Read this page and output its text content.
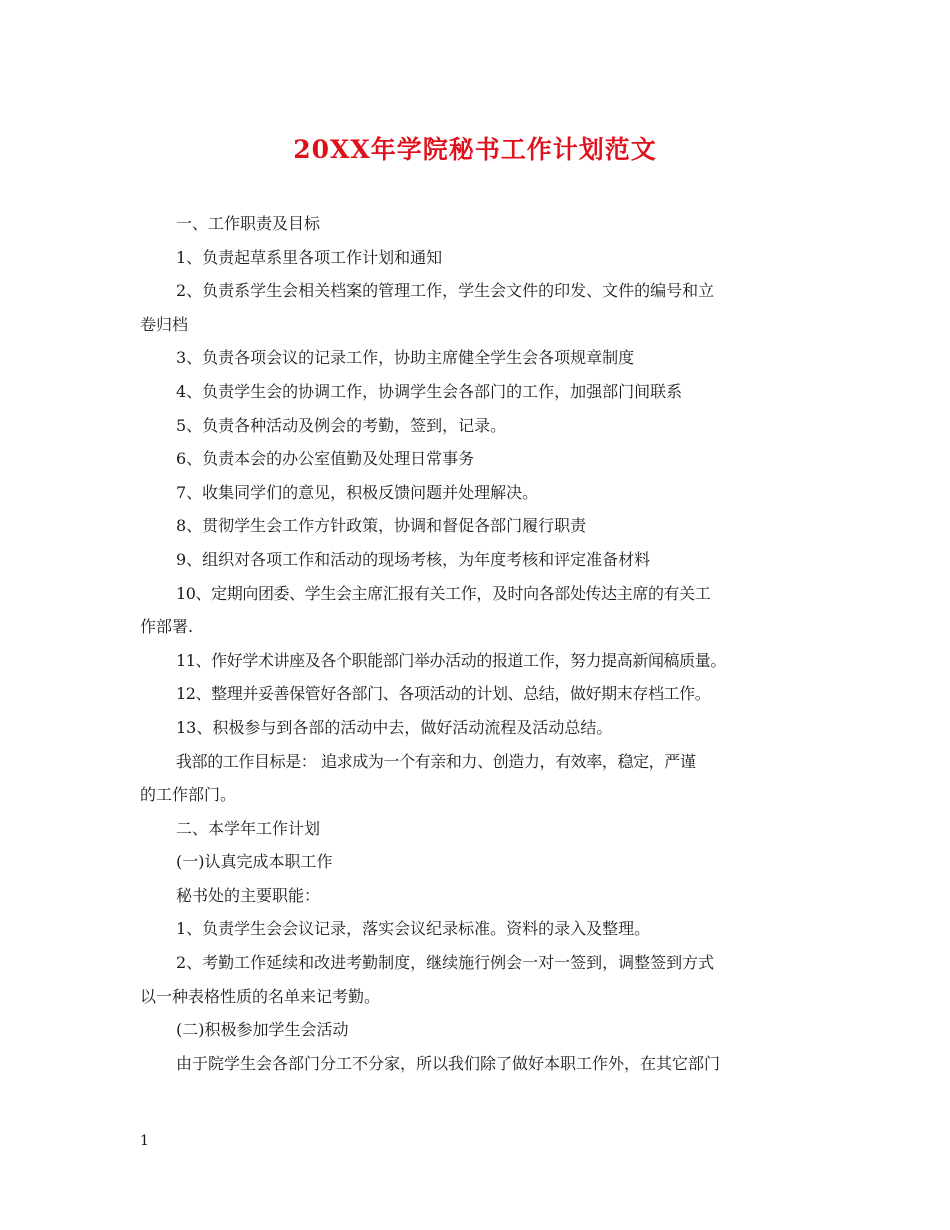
20XX年学院秘书工作计划范文

一、工作职责及目标

1、负责起草系里各项工作计划和通知

2、负责系学生会相关档案的管理工作，学生会文件的印发、文件的编号和立

卷归档

3、负责各项会议的记录工作，协助主席健全学生会各项规章制度

4、负责学生会的协调工作，协调学生会各部门的工作，加强部门间联系

5、负责各种活动及例会的考勤，签到，记录。

6、负责本会的办公室值勤及处理日常事务

7、收集同学们的意见，积极反馈问题并处理解决。

8、贯彻学生会工作方针政策，协调和督促各部门履行职责

9、组织对各项工作和活动的现场考核，为年度考核和评定准备材料

10、定期向团委、学生会主席汇报有关工作，及时向各部处传达主席的有关工

作部署.

11、作好学术讲座及各个职能部门举办活动的报道工作，努力提高新闻稿质量。

12、整理并妥善保管好各部门、各项活动的计划、总结，做好期末存档工作。

13、积极参与到各部的活动中去，做好活动流程及活动总结。

我部的工作目标是： 追求成为一个有亲和力、创造力，有效率，稳定，严谨

的工作部门。

二、本学年工作计划

(一)认真完成本职工作

秘书处的主要职能：

1、负责学生会会议记录，落实会议纪录标准。资料的录入及整理。

2、考勤工作延续和改进考勤制度，继续施行例会一对一签到，调整签到方式

以一种表格性质的名单来记考勤。

(二)积极参加学生会活动

由于院学生会各部门分工不分家，所以我们除了做好本职工作外，在其它部门

1
